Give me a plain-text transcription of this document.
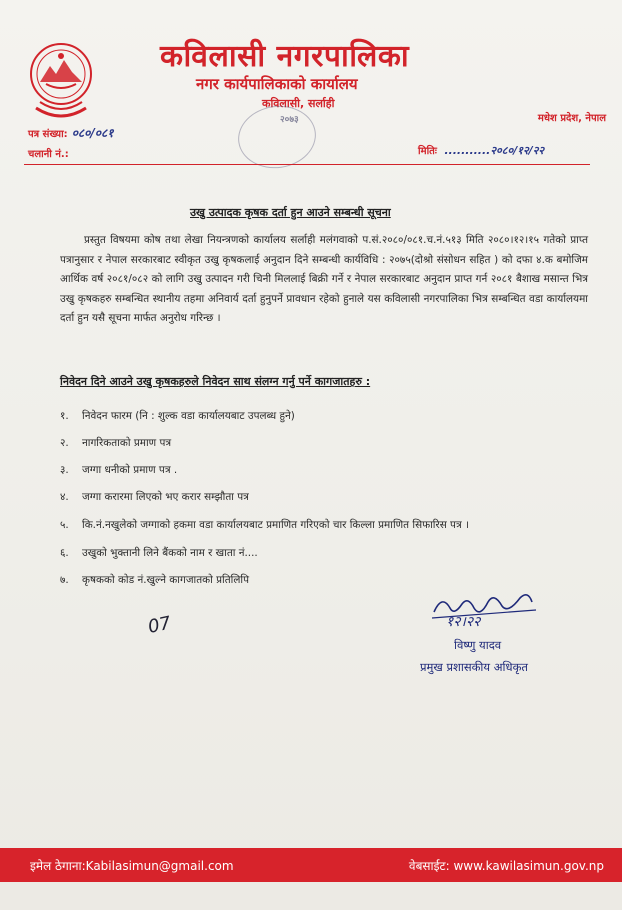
कविलासी नगरपालिका
नगर कार्यपालिकाको कार्यालय
कविलासी, सर्लाही
मधेश प्रदेश, नेपाल
२०७३
पत्र संख्या: ०८०/०८१
चलानी नं.:	मितिः ...........२०८०/१२/२२
उखु उत्पादक कृषक दर्ता हुन आउने सम्बन्धी सूचना
प्रस्तुत विषयमा कोष तथा लेखा नियन्त्रणको कार्यालय सर्लाही मलंगवाको प.सं.२०८०/०८१.च.नं.५१३ मिति २०८०।१२।१५ गतेको प्राप्त पत्रानुसार र नेपाल सरकारबाट स्वीकृत उखु कृषकलाई अनुदान दिने सम्बन्धी कार्यविधि : २०७५(दोश्रो संसोधन सहित ) को दफा ४.क बमोजिम आर्थिक वर्ष २०८१/०८२ को लागि उखु उत्पादन गरी चिनी मिललाई बिक्री गर्ने र नेपाल सरकारबाट अनुदान प्राप्त गर्न २०८१ बैशाख मसान्त भित्र उखु कृषकहरु सम्बन्धित स्थानीय तहमा अनिवार्य दर्ता हुनुपर्ने प्रावधान रहेको हुनाले यस कविलासी नगरपालिका भित्र सम्बन्धित वडा कार्यालयमा दर्ता हुन यसै सूचना मार्फत अनुरोध गरिन्छ ।
निवेदन दिने आउने उखु कृषकहरुले निवेदन साथ संलग्न गर्नु पर्ने कागजातहरु :
१. निवेदन फारम (नि : शुल्क वडा कार्यालयबाट उपलब्ध हुने)
२. नागरिकताको प्रमाण पत्र
३. जग्गा धनीको प्रमाण पत्र .
४. जग्गा करारमा लिएको भए करार सम्झौता पत्र
५. कि.नं.नखुलेको जग्गाको हकमा वडा कार्यालयबाट प्रमाणित गरिएको चार किल्ला प्रमाणित सिफारिस पत्र ।
६. उखुको भुक्तानी लिने बैंकको नाम र खाता नं....
७. कृषकको कोड नं.खुल्ने कागजातको प्रतिलिपि
07	१२।२२
विष्णु यादव
प्रमुख प्रशासकीय अधिकृत
इमेल ठेगाना:Kabilasimun@gmail.com	वेबसाईट: www.kawilasimun.gov.np
